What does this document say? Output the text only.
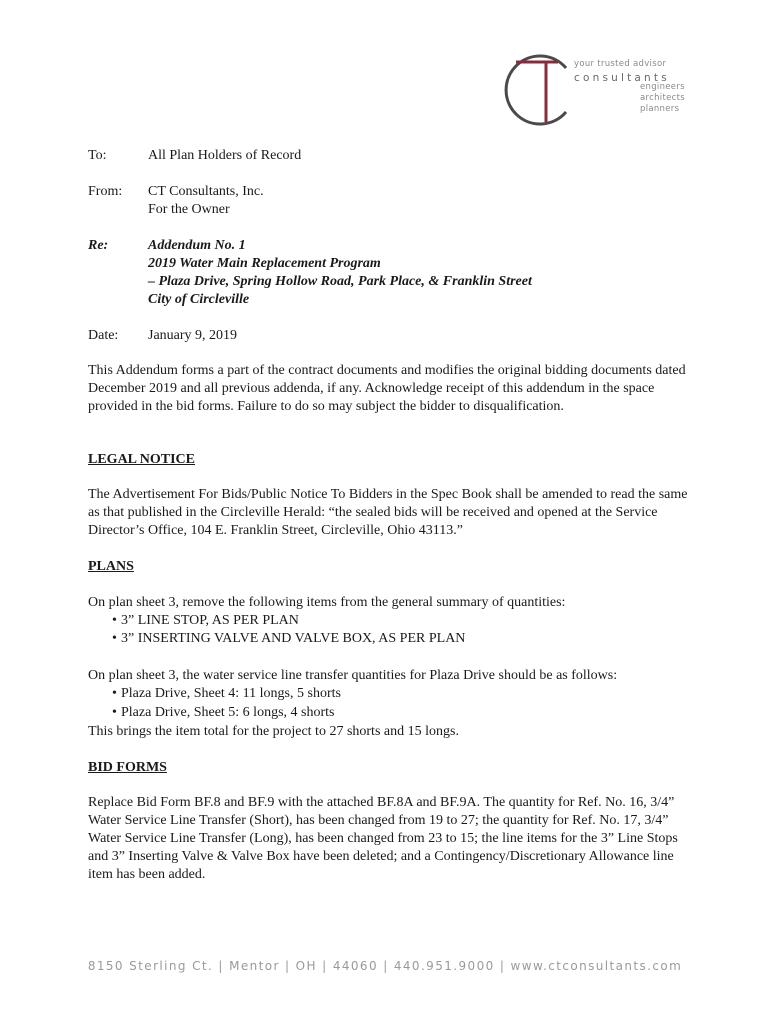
your trusted advisor
consultants
engineers
architects
planners
To:	All Plan Holders of Record
From: CT Consultants, Inc.
For the Owner
Re:	Addendum No. 1
2019 Water Main Replacement Program
– Plaza Drive, Spring Hollow Road, Park Place, & Franklin Street
City of Circleville
Date: January 9, 2019
This Addendum forms a part of the contract documents and modifies the original bidding documents dated December 2019 and all previous addenda, if any. Acknowledge receipt of this addendum in the space provided in the bid forms. Failure to do so may subject the bidder to disqualification.
LEGAL NOTICE
The Advertisement For Bids/Public Notice To Bidders in the Spec Book shall be amended to read the same as that published in the Circleville Herald: “the sealed bids will be received and opened at the Service Director’s Office, 104 E. Franklin Street, Circleville, Ohio 43113.”
PLANS
On plan sheet 3, remove the following items from the general summary of quantities:
• 3” LINE STOP, AS PER PLAN
• 3” INSERTING VALVE AND VALVE BOX, AS PER PLAN
On plan sheet 3, the water service line transfer quantities for Plaza Drive should be as follows:
• Plaza Drive, Sheet 4: 11 longs, 5 shorts
• Plaza Drive, Sheet 5: 6 longs, 4 shorts
This brings the item total for the project to 27 shorts and 15 longs.
BID FORMS
Replace Bid Form BF.8 and BF.9 with the attached BF.8A and BF.9A. The quantity for Ref. No. 16, 3/4” Water Service Line Transfer (Short), has been changed from 19 to 27; the quantity for Ref. No. 17, 3/4” Water Service Line Transfer (Long), has been changed from 23 to 15; the line items for the 3” Line Stops and 3” Inserting Valve & Valve Box have been deleted; and a Contingency/Discretionary Allowance line item has been added.
8150 Sterling Ct. | Mentor | OH | 44060 | 440.951.9000 | www.ctconsultants.com
